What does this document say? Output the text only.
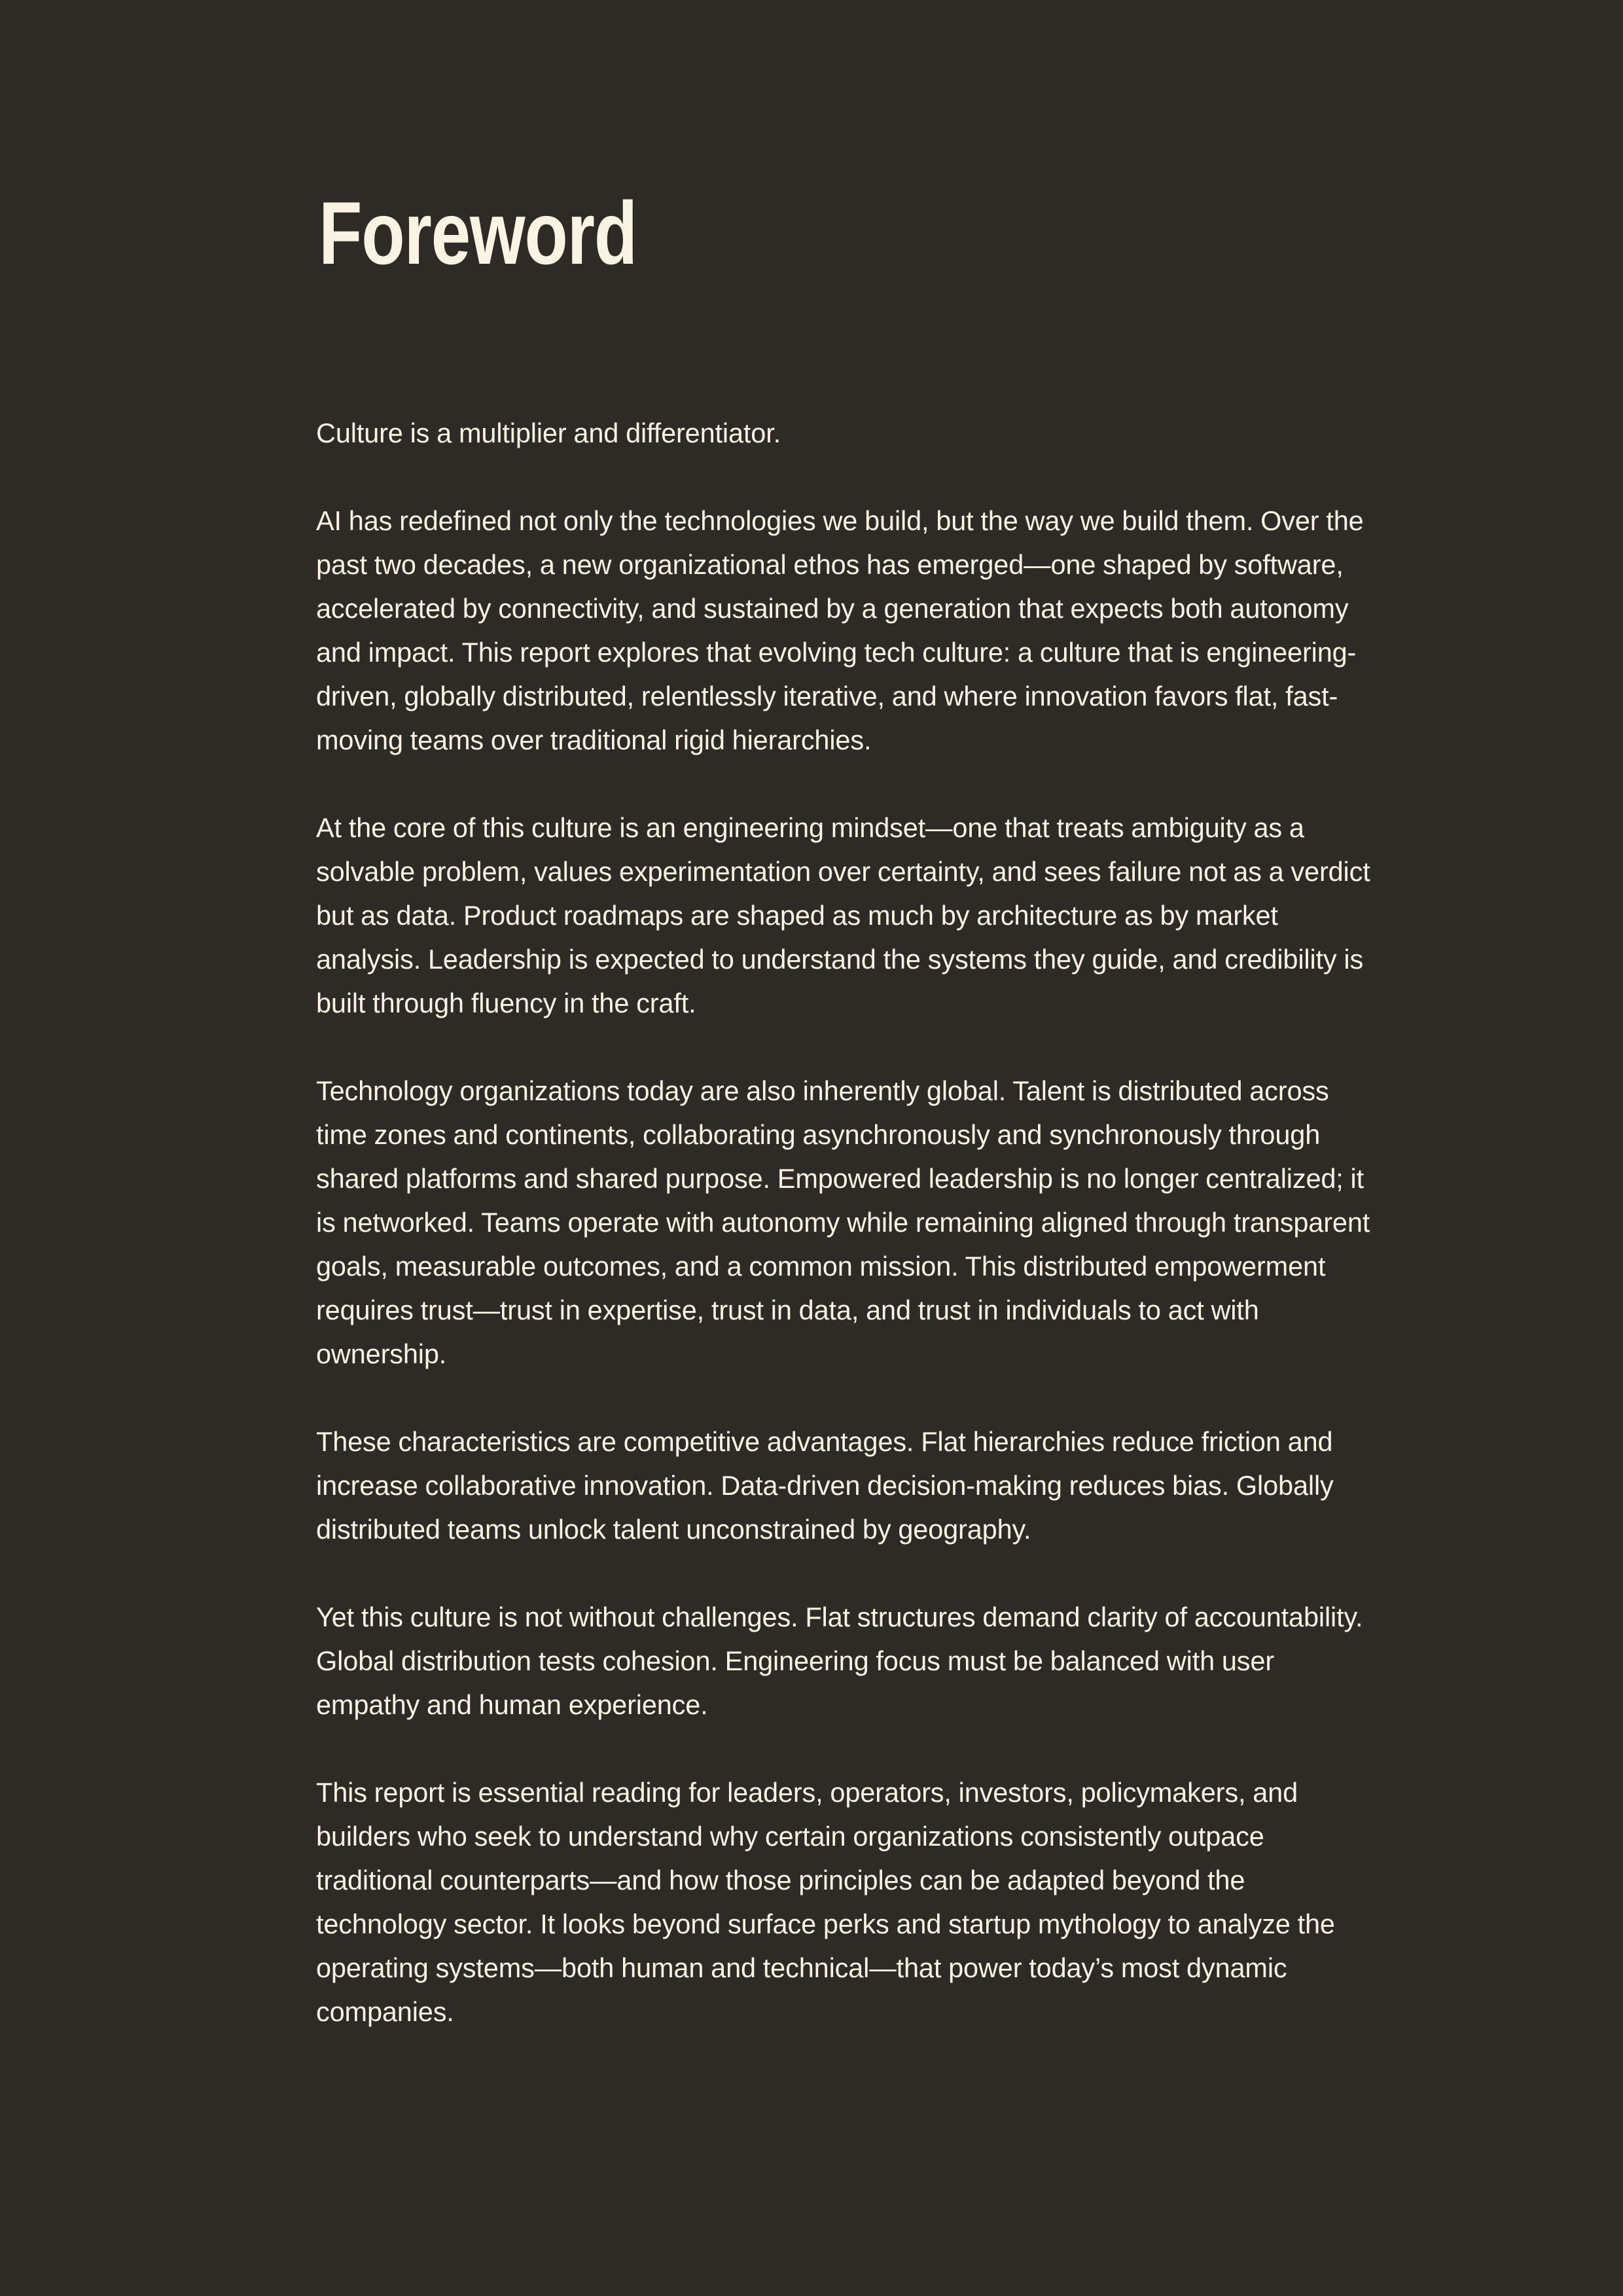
Foreword

Culture is a multiplier and differentiator.

AI has redefined not only the technologies we build, but the way we build them. Over the past two decades, a new organizational ethos has emerged—one shaped by software, accelerated by connectivity, and sustained by a generation that expects both autonomy and impact. This report explores that evolving tech culture: a culture that is engineering-driven, globally distributed, relentlessly iterative, and where innovation favors flat, fast-moving teams over traditional rigid hierarchies.

At the core of this culture is an engineering mindset—one that treats ambiguity as a solvable problem, values experimentation over certainty, and sees failure not as a verdict but as data. Product roadmaps are shaped as much by architecture as by market analysis. Leadership is expected to understand the systems they guide, and credibility is built through fluency in the craft.

Technology organizations today are also inherently global. Talent is distributed across time zones and continents, collaborating asynchronously and synchronously through shared platforms and shared purpose. Empowered leadership is no longer centralized; it is networked. Teams operate with autonomy while remaining aligned through transparent goals, measurable outcomes, and a common mission. This distributed empowerment requires trust—trust in expertise, trust in data, and trust in individuals to act with ownership.

These characteristics are competitive advantages. Flat hierarchies reduce friction and increase collaborative innovation. Data-driven decision-making reduces bias. Globally distributed teams unlock talent unconstrained by geography.

Yet this culture is not without challenges. Flat structures demand clarity of accountability. Global distribution tests cohesion. Engineering focus must be balanced with user empathy and human experience.

This report is essential reading for leaders, operators, investors, policymakers, and builders who seek to understand why certain organizations consistently outpace traditional counterparts—and how those principles can be adapted beyond the technology sector. It looks beyond surface perks and startup mythology to analyze the operating systems—both human and technical—that power today’s most dynamic companies.
